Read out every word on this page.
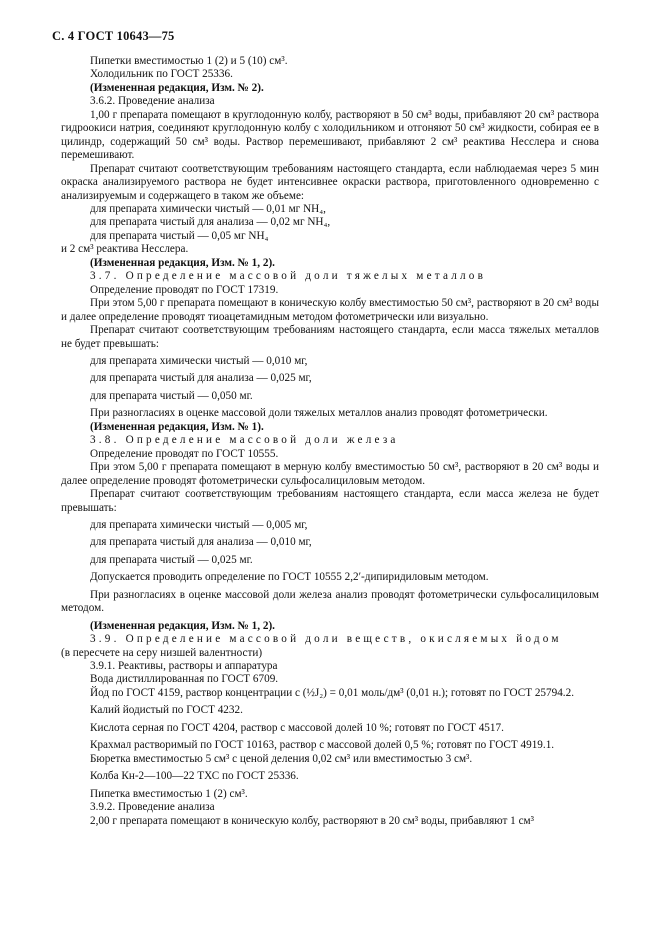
С. 4 ГОСТ 10643—75
Пипетки вместимостью 1 (2) и 5 (10) см³.
Холодильник по ГОСТ 25336.
(Измененная редакция, Изм. № 2).
3.6.2. Проведение анализа
1,00 г препарата помещают в круглодонную колбу, растворяют в 50 см³ воды, прибавляют 20 см³ раствора гидроокиси натрия, соединяют круглодонную колбу с холодильником и отгоняют 50 см³ жидкости, собирая ее в цилиндр, содержащий 50 см³ воды. Раствор перемешивают, прибавляют 2 см³ реактива Несслера и снова перемешивают.
Препарат считают соответствующим требованиям настоящего стандарта, если наблюдаемая через 5 мин окраска анализируемого раствора не будет интенсивнее окраски раствора, приготовленного одновременно с анализируемым и содержащего в таком же объеме:
для препарата химически чистый — 0,01 мг NH₄,
для препарата чистый для анализа — 0,02 мг NH₄,
для препарата чистый — 0,05 мг NH₄
и 2 см³ реактива Несслера.
(Измененная редакция, Изм. № 1, 2).
3.7. Определение массовой доли тяжелых металлов
Определение проводят по ГОСТ 17319.
При этом 5,00 г препарата помещают в коническую колбу вместимостью 50 см³, растворяют в 20 см³ воды и далее определение проводят тиоацетамидным методом фотометрически или визуально.
Препарат считают соответствующим требованиям настоящего стандарта, если масса тяжелых металлов не будет превышать:
для препарата химически чистый — 0,010 мг,
для препарата чистый для анализа — 0,025 мг,
для препарата чистый — 0,050 мг.
При разногласиях в оценке массовой доли тяжелых металлов анализ проводят фотометрически.
(Измененная редакция, Изм. № 1).
3.8. Определение массовой доли железа
Определение проводят по ГОСТ 10555.
При этом 5,00 г препарата помещают в мерную колбу вместимостью 50 см³, растворяют в 20 см³ воды и далее определение проводят фотометрически сульфосалициловым методом.
Препарат считают соответствующим требованиям настоящего стандарта, если масса железа не будет превышать:
для препарата химически чистый — 0,005 мг,
для препарата чистый для анализа — 0,010 мг,
для препарата чистый — 0,025 мг.
Допускается проводить определение по ГОСТ 10555 2,2′-дипиридиловым методом.
При разногласиях в оценке массовой доли железа анализ проводят фотометрически сульфосалициловым методом.
(Измененная редакция, Изм. № 1, 2).
3.9. Определение массовой доли веществ, окисляемых йодом
(в пересчете на серу низшей валентности)
3.9.1. Реактивы, растворы и аппаратура
Вода дистиллированная по ГОСТ 6709.
Йод по ГОСТ 4159, раствор концентрации с (½J₂) = 0,01 моль/дм³ (0,01 н.); готовят по ГОСТ 25794.2.
Калий йодистый по ГОСТ 4232.
Кислота серная по ГОСТ 4204, раствор с массовой долей 10 %; готовят по ГОСТ 4517.
Крахмал растворимый по ГОСТ 10163, раствор с массовой долей 0,5 %; готовят по ГОСТ 4919.1.
Бюретка вместимостью 5 см³ с ценой деления 0,02 см³ или вместимостью 3 см³.
Колба Кн-2—100—22 ТХС по ГОСТ 25336.
Пипетка вместимостью 1 (2) см³.
3.9.2. Проведение анализа
2,00 г препарата помещают в коническую колбу, растворяют в 20 см³ воды, прибавляют 1 см³
